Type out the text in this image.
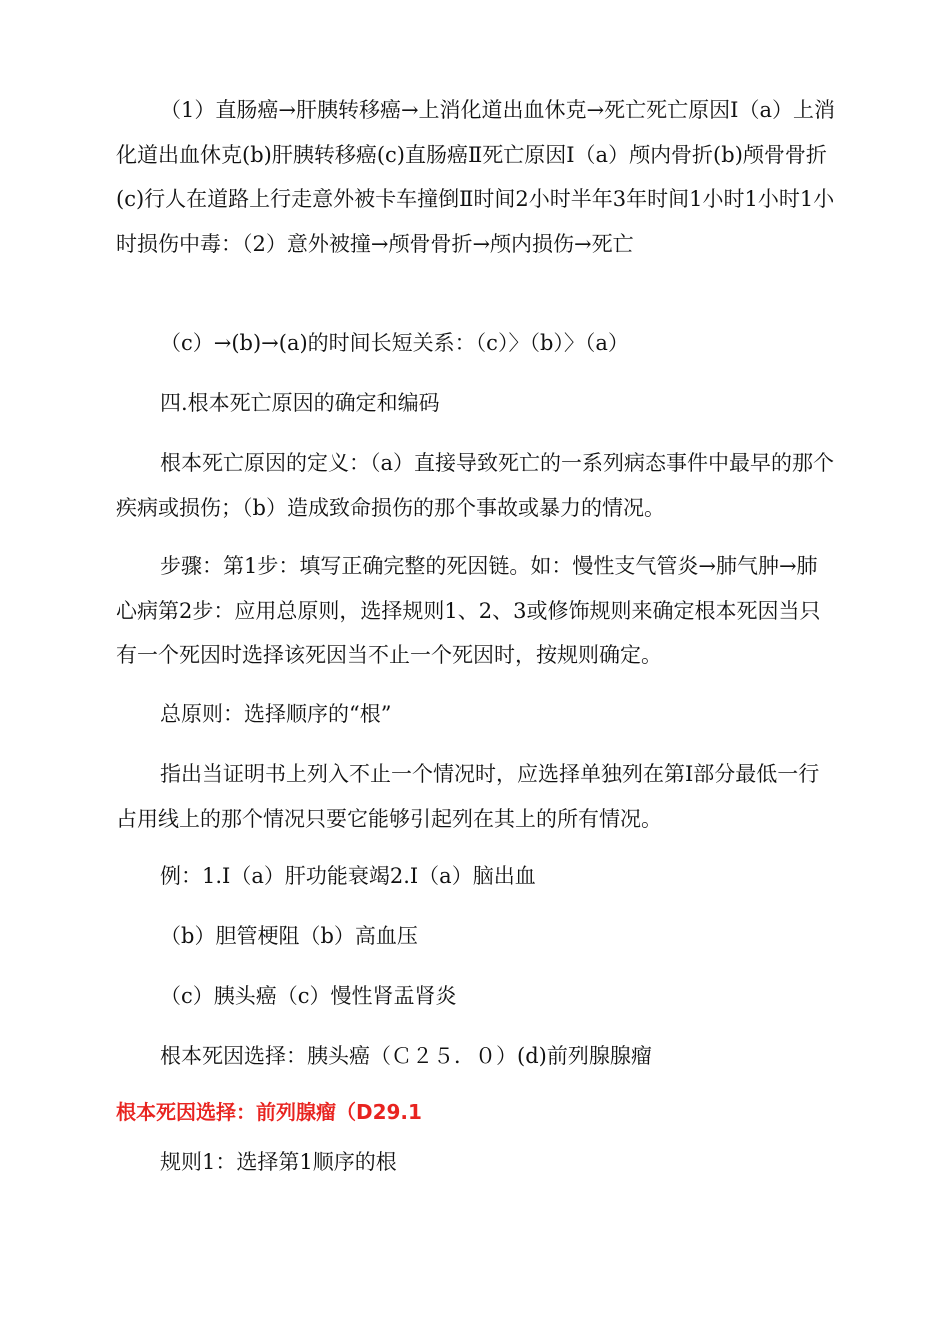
（1）直肠癌→肝胰转移癌→上消化道出血休克→死亡死亡原因Ⅰ（a）上消化道出血休克(b)肝胰转移癌(c)直肠癌Ⅱ死亡原因Ⅰ（a）颅内骨折(b)颅骨骨折(c)行人在道路上行走意外被卡车撞倒Ⅱ时间2小时半年3年时间1小时1小时1小时损伤中毒：（2）意外被撞→颅骨骨折→颅内损伤→死亡

（c）→(b)→(a)的时间长短关系：（c）〉（b）〉（a）

四.根本死亡原因的确定和编码

根本死亡原因的定义：（a）直接导致死亡的一系列病态事件中最早的那个疾病或损伤；（b）造成致命损伤的那个事故或暴力的情况。

步骤：第1步：填写正确完整的死因链。如：慢性支气管炎→肺气肿→肺心病第2步：应用总原则，选择规则1、2、3或修饰规则来确定根本死因当只有一个死因时选择该死因当不止一个死因时，按规则确定。

总原则：选择顺序的“根”

指出当证明书上列入不止一个情况时，应选择单独列在第Ⅰ部分最低一行占用线上的那个情况只要它能够引起列在其上的所有情况。

例：1.Ⅰ（a）肝功能衰竭2.Ⅰ（a）脑出血

（b）胆管梗阻（b）高血压

（c）胰头癌（c）慢性肾盂肾炎

根本死因选择：胰头癌（Ｃ２５．０）(d)前列腺腺瘤

根本死因选择：前列腺瘤（D29.1

规则1：选择第1顺序的根
